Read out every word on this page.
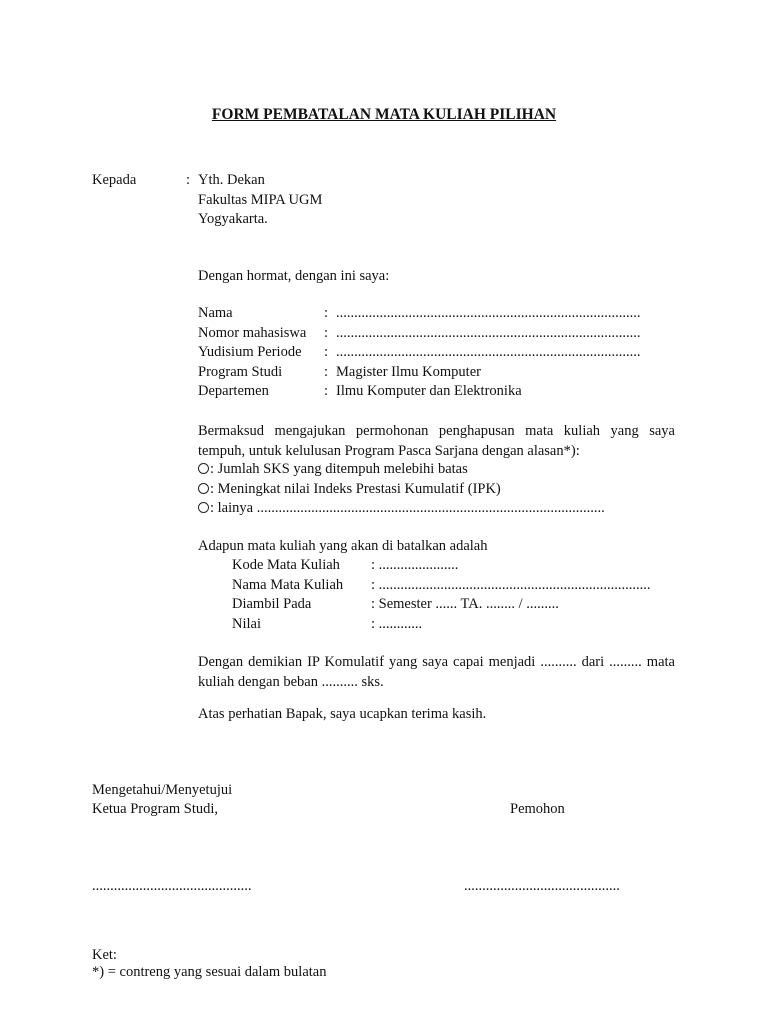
FORM PEMBATALAN MATA KULIAH PILIHAN
Kepada	: Yth. Dekan
Fakultas MIPA UGM
Yogyakarta.
Dengan hormat, dengan ini saya:
Nama	:	....................................................................................
Nomor mahasiswa	:	....................................................................................
Yudisium Periode	:	....................................................................................
Program Studi	:	Magister Ilmu Komputer
Departemen	:	Ilmu Komputer dan Elektronika
Bermaksud mengajukan permohonan penghapusan mata kuliah yang saya tempuh, untuk kelulusan Program Pasca Sarjana dengan alasan*):
: Jumlah SKS yang ditempuh melebihi batas
: Meningkat nilai Indeks Prestasi Kumulatif (IPK)
: lainya ................................................................................................
Adapun mata kuliah yang akan di batalkan adalah
Kode Mata Kuliah	: ......................
Nama Mata Kuliah	: ...........................................................................
Diambil Pada	: Semester ...... TA. ........ / .........
Nilai	: ............
Dengan demikian IP Komulatif yang saya capai menjadi .......... dari ......... mata kuliah dengan beban .......... sks.
Atas perhatian Bapak, saya ucapkan terima kasih.
Mengetahui/Menyetujui
Ketua Program Studi,	Pemohon
............................................	...........................................
Ket:
*) = contreng yang sesuai dalam bulatan
